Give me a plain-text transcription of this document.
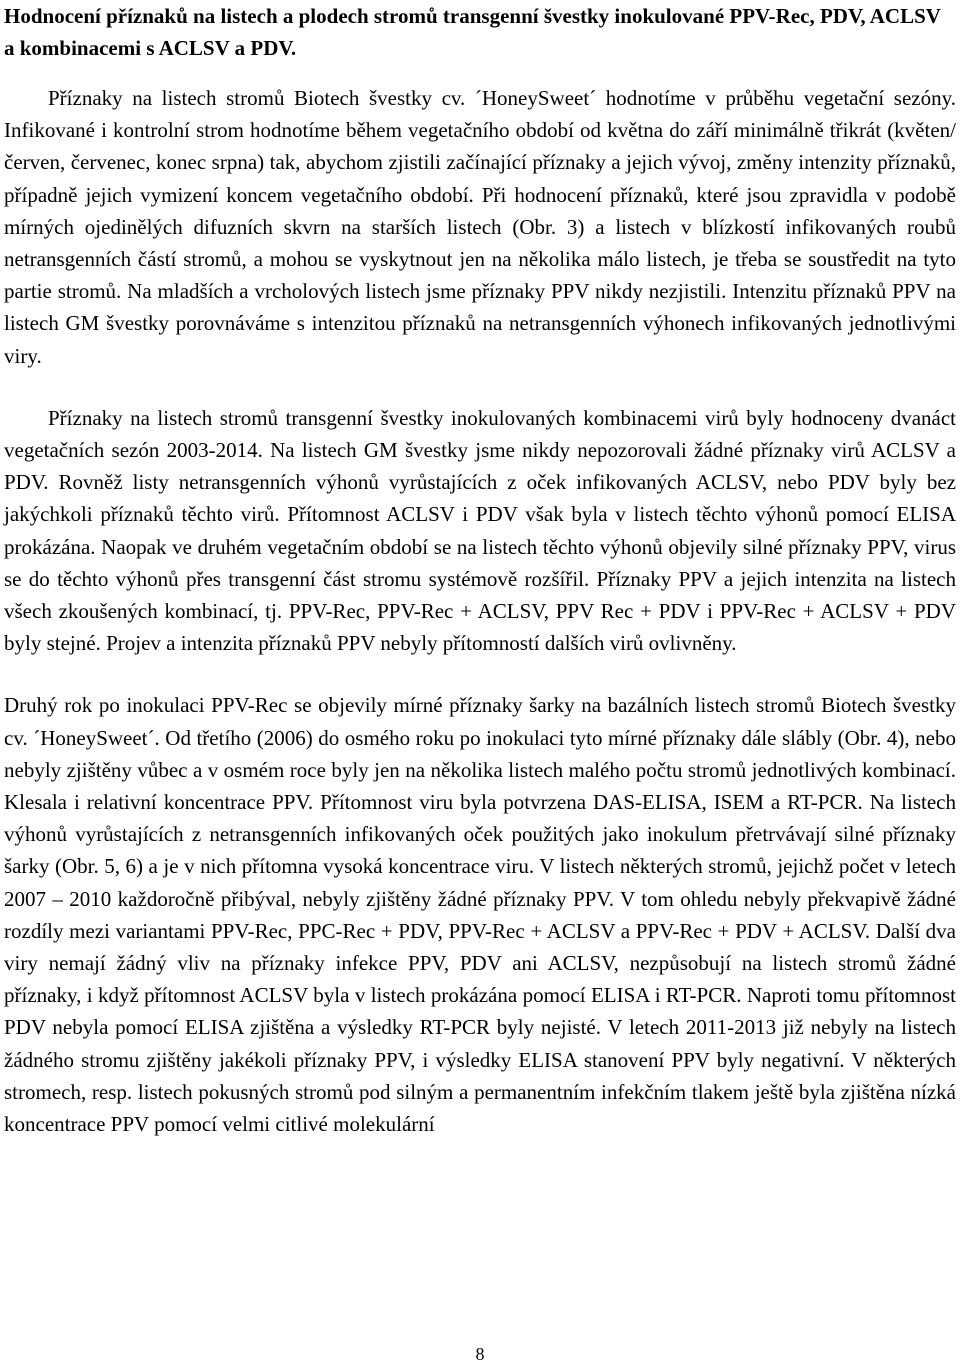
Hodnocení příznaků na listech a plodech stromů transgenní švestky inokulované PPV-Rec, PDV, ACLSV a kombinacemi s ACLSV a PDV.

Příznaky na listech stromů Biotech švestky cv. ´HoneySweet´ hodnotíme v průběhu vegetační sezóny. Infikované i kontrolní strom hodnotíme během vegetačního období od května do září minimálně třikrát (květen/červen, červenec, konec srpna) tak, abychom zjistili začínající příznaky a jejich vývoj, změny intenzity příznaků, případně jejich vymizení koncem vegetačního období. Při hodnocení příznaků, které jsou zpravidla v podobě mírných ojedinělých difuzních skvrn na starších listech (Obr. 3) a listech v blízkostí infikovaných roubů netransgenních částí stromů, a mohou se vyskytnout jen na několika málo listech, je třeba se soustředit na tyto partie stromů. Na mladších a vrcholových listech jsme příznaky PPV nikdy nezjistili. Intenzitu příznaků PPV na listech GM švestky porovnáváme s intenzitou příznaků na netransgenních výhonech infikovaných jednotlivými viry.

Příznaky na listech stromů transgenní švestky inokulovaných kombinacemi virů byly hodnoceny dvanáct vegetačních sezón 2003-2014. Na listech GM švestky jsme nikdy nepozorovali žádné příznaky virů ACLSV a PDV. Rovněž listy netransgenních výhonů vyrůstajících z oček infikovaných ACLSV, nebo PDV byly bez jakýchkoli příznaků těchto virů. Přítomnost ACLSV i PDV však byla v listech těchto výhonů pomocí ELISA prokázána. Naopak ve druhém vegetačním období se na listech těchto výhonů objevily silné příznaky PPV, virus se do těchto výhonů přes transgenní část stromu systémově rozšířil. Příznaky PPV a jejich intenzita na listech všech zkoušených kombinací, tj. PPV-Rec, PPV-Rec + ACLSV, PPV Rec + PDV i PPV-Rec + ACLSV + PDV byly stejné. Projev a intenzita příznaků PPV nebyly přítomností dalších virů ovlivněny.

Druhý rok po inokulaci PPV-Rec se objevily mírné příznaky šarky na bazálních listech stromů Biotech švestky cv. ´HoneySweet´. Od třetího (2006) do osmého roku po inokulaci tyto mírné příznaky dále slábly (Obr. 4), nebo nebyly zjištěny vůbec a v osmém roce byly jen na několika listech malého počtu stromů jednotlivých kombinací. Klesala i relativní koncentrace PPV. Přítomnost viru byla potvrzena DAS-ELISA, ISEM a RT-PCR. Na listech výhonů vyrůstajících z netransgenních infikovaných oček použitých jako inokulum přetrvávají silné příznaky šarky (Obr. 5, 6) a je v nich přítomna vysoká koncentrace viru. V listech některých stromů, jejichž počet v letech 2007 – 2010 každoročně přibýval, nebyly zjištěny žádné příznaky PPV. V tom ohledu nebyly překvapivě žádné rozdíly mezi variantami PPV-Rec, PPC-Rec + PDV, PPV-Rec + ACLSV a PPV-Rec + PDV + ACLSV. Další dva viry nemají žádný vliv na příznaky infekce PPV, PDV ani ACLSV, nezpůsobují na listech stromů žádné příznaky, i když přítomnost ACLSV byla v listech prokázána pomocí ELISA i RT-PCR. Naproti tomu přítomnost PDV nebyla pomocí ELISA zjištěna a výsledky RT-PCR byly nejisté. V letech 2011-2013 již nebyly na listech žádného stromu zjištěny jakékoli příznaky PPV, i výsledky ELISA stanovení PPV byly negativní. V některých stromech, resp. listech pokusných stromů pod silným a permanentním infekčním tlakem ještě byla zjištěna nízká koncentrace PPV pomocí velmi citlivé molekulární

8
